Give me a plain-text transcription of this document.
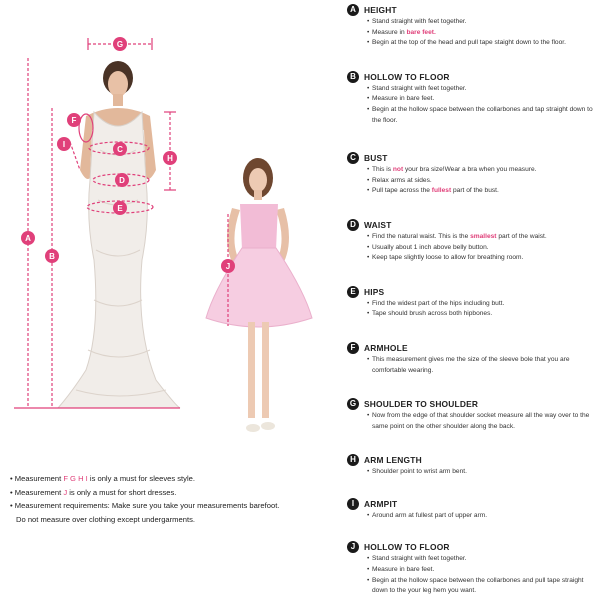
G
A
B
F
I
C
D
E
H
J
• Measurement F G H I is only a must for sleeves style.
• Measurement J is only a must for short dresses.
• Measurement requirements: Make sure you take your measurements barefoot.
Do not measure over clothing except undergarments.
A HEIGHT
• Stand straight with feet together.
• Measure in bare feet.
• Begin at the top of the head and pull tape staight down to the floor.
B HOLLOW TO FLOOR
• Stand straight with feet together.
• Measure in bare feet.
• Begin at the hollow space between the collarbones and tap straight down to the floor.
C BUST
• This is not your bra size!Wear a bra when you measure.
• Relax arms at sides.
• Pull tape across the fullest part of the bust.
D WAIST
• Find the natural waist. This is the smallest part of the waist.
• Usually about 1 inch above belly button.
• Keep tape slightly loose to allow for breathing room.
E HIPS
• Find the widest part of the hips including butt.
• Tape should brush across both hipbones.
F	ARMHOLE
• This measurement gives me the size of the sleeve bole that you are comfortable wearing.
G SHOULDER TO SHOULDER
• Now from the edge of that shoulder socket measure all the way over to the same point on the other shoulder along the back.
H ARM LENGTH
• Shoulder point to wrist arm bent.
I	ARMPIT
• Around arm at fullest part of upper arm.
J	HOLLOW TO FLOOR
• Stand straight with feet together.
• Measure in bare feet.
• Begin at the hollow space between the collarbones and pull tape straight down to the your leg hem you want.
